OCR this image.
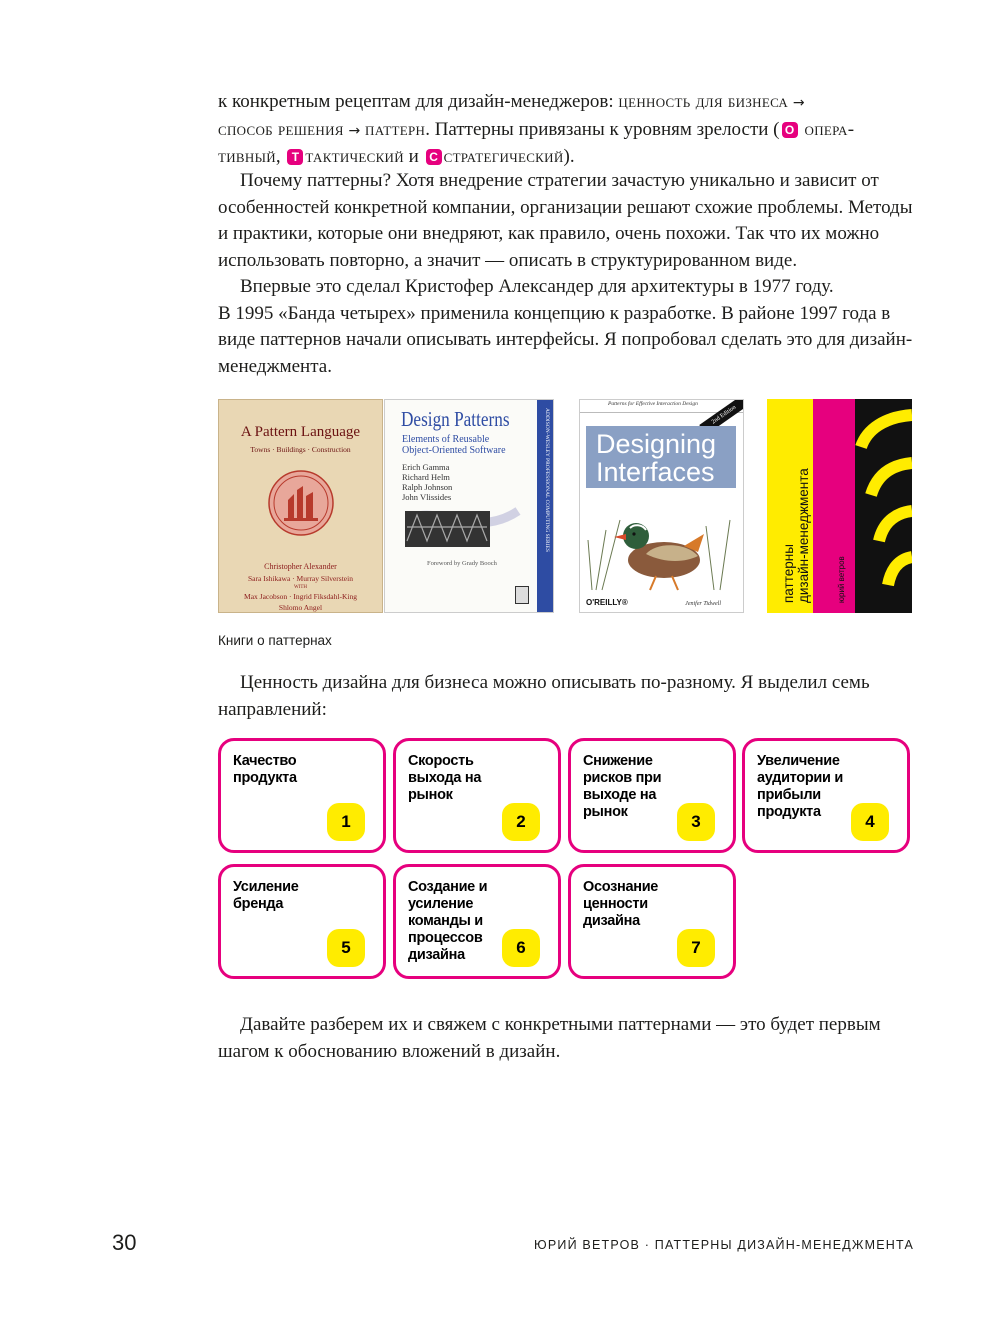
к конкретным рецептам для дизайн-менеджеров: ценность для бизнеса →

способ решения → паттерн. Паттерны привязаны к уровням зрелости ( О опера-

тивный, Т тактический и С стратегический).

Почему паттерны? Хотя внедрение стратегии зачастую уникально и зависит от особенностей конкретной компании, организации решают схожие проблемы. Методы и практики, которые они внедряют, как правило, очень похожи. Так что их можно использовать повторно, а значит — описать в структурированном виде.

Впервые это сделал Кристофер Александер для архитектуры в 1977 году.

В 1995 «Банда четырех» применила концепцию к разработке. В районе 1997 года в виде паттернов начали описывать интерфейсы. Я попробовал сделать это для дизайн-менеджмента.

A Pattern Language
Towns · Buildings · Construction
Christopher Alexander
Sara Ishikawa · Murray Silverstein
WITH
Max Jacobson · Ingrid Fiksdahl-King
Shlomo Angel
ADDISON-WESLEY PROFESSIONAL COMPUTING SERIES
Design Patterns
Elements of Reusable
Object-Oriented Software
Erich Gamma
Richard Helm
Ralph Johnson
John Vlissides
Foreword by Grady Booch
Patterns for Effective Interaction Design
2nd Edition
Designing
Interfaces
O'REILLY®	Jenifer Tidwell
паттерны дизайн-менеджмента	юрий ветров
Книги о паттернах

Ценность дизайна для бизнеса можно описывать по-разному. Я выделил семь направлений:

Качество продукта
1
Скорость выхода на рынок
2
Снижение рисков при выходе на рынок	3
Увеличение аудитории и прибыли продукта	4
Усиление бренда
5
Создание и усиление команды и процессов дизайна	6
Осознание ценности дизайна
7

Давайте разберем их и свяжем с конкретными паттернами — это будет первым шагом к обоснованию вложений в дизайн.

30	ЮРИЙ ВЕТРОВ · ПАТТЕРНЫ ДИЗАЙН-МЕНЕДЖМЕНТА
